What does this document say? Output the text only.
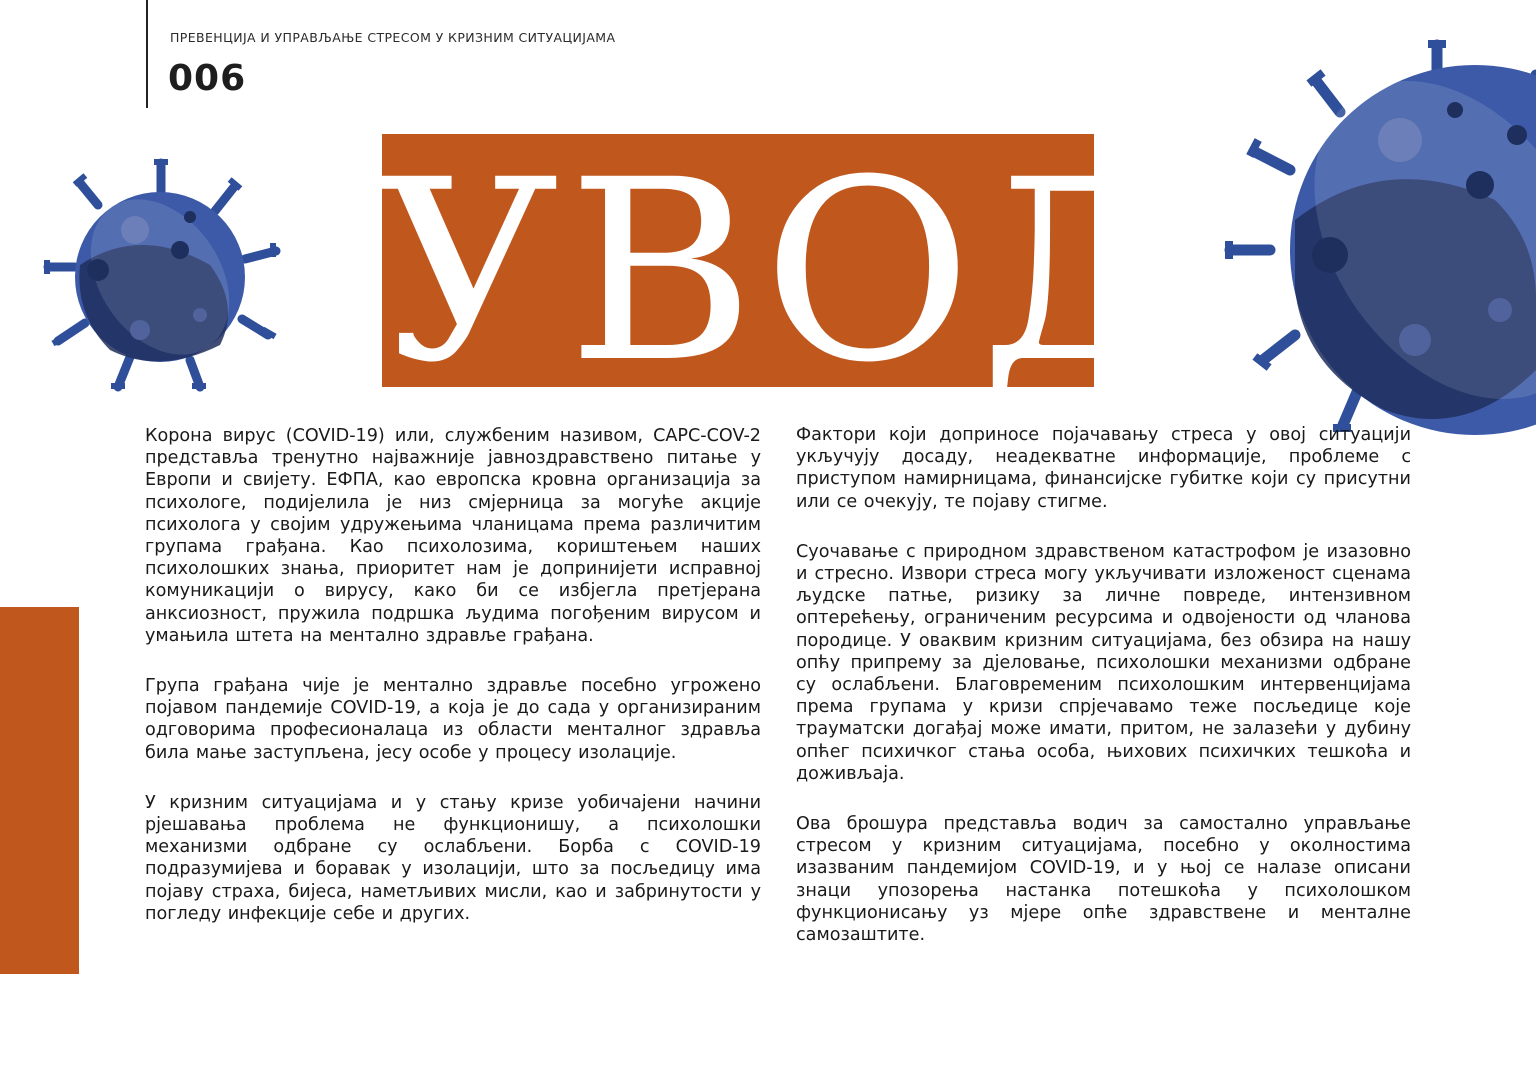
ПРЕВЕНЦИЈА И УПРАВЉАЊЕ СТРЕСОМ У КРИЗНИМ СИТУАЦИЈАМА
006
УВОД

Корона вирус (COVID-19) или, службеним називом, САРС-COV-2 представља тренутно најважније јавноздравствено питање у Европи и свијету. ЕФПА, као европска кровна организација за психологе, подијелила је низ смјерница за могуће акције психолога у својим удружењима чланицама према различитим групама грађана. Као психолозима, кориштењем наших психолошких знања, приоритет нам је допринијети исправној комуникацији о вирусу, како би се избјегла претјерана анксиозност, пружила подршка људима погођеним вирусом и умањила штета на ментално здравље грађана.

Група грађана чије је ментално здравље посебно угрожено појавом пандемије COVID-19, а која је до сада у организираним одговорима професионалаца из области менталног здравља била мање заступљена, јесу особе у процесу изолације.

У кризним ситуацијама и у стању кризе уобичајени начини рјешавања проблема не функционишу, а психолошки механизми одбране су ослабљени. Борба с COVID-19 подразумијева и боравак у изолацији, што за посљедицу има појаву страха, бијеса, наметљивих мисли, као и забринутости у погледу инфекције себе и других.

Фактори који доприносе појачавању стреса у овој ситуацији укључују досаду, неадекватне информације, проблеме с приступом намирницама, финансијске губитке који су присутни или се очекују, те појаву стигме.

Суочавање с природном здравственом катастрофом је изазовно и стресно. Извори стреса могу укључивати изложеност сценама људске патње, ризику за личне повреде, интензивном оптерећењу, ограниченим ресурсима и одвојености од чланова породице. У оваквим кризним ситуацијама, без обзира на нашу опћу припрему за дјеловање, психолошки механизми одбране су ослабљени. Благовременим психолошким интервенцијама према групама у кризи спрјечавамо теже посљедице које трауматски догађај може имати, притом, не залазећи у дубину опћег психичког стања особа, њихових психичких тешкоћа и доживљаја.

Ова брошура представља водич за самостално управљање стресом у кризним ситуацијама, посебно у околностима изазваним пандемијом COVID-19, и у њој се налазе описани знаци упозорења настанка потешкоћа у психолошком функционисању уз мјере опће здравствене и менталне самозаштите.
